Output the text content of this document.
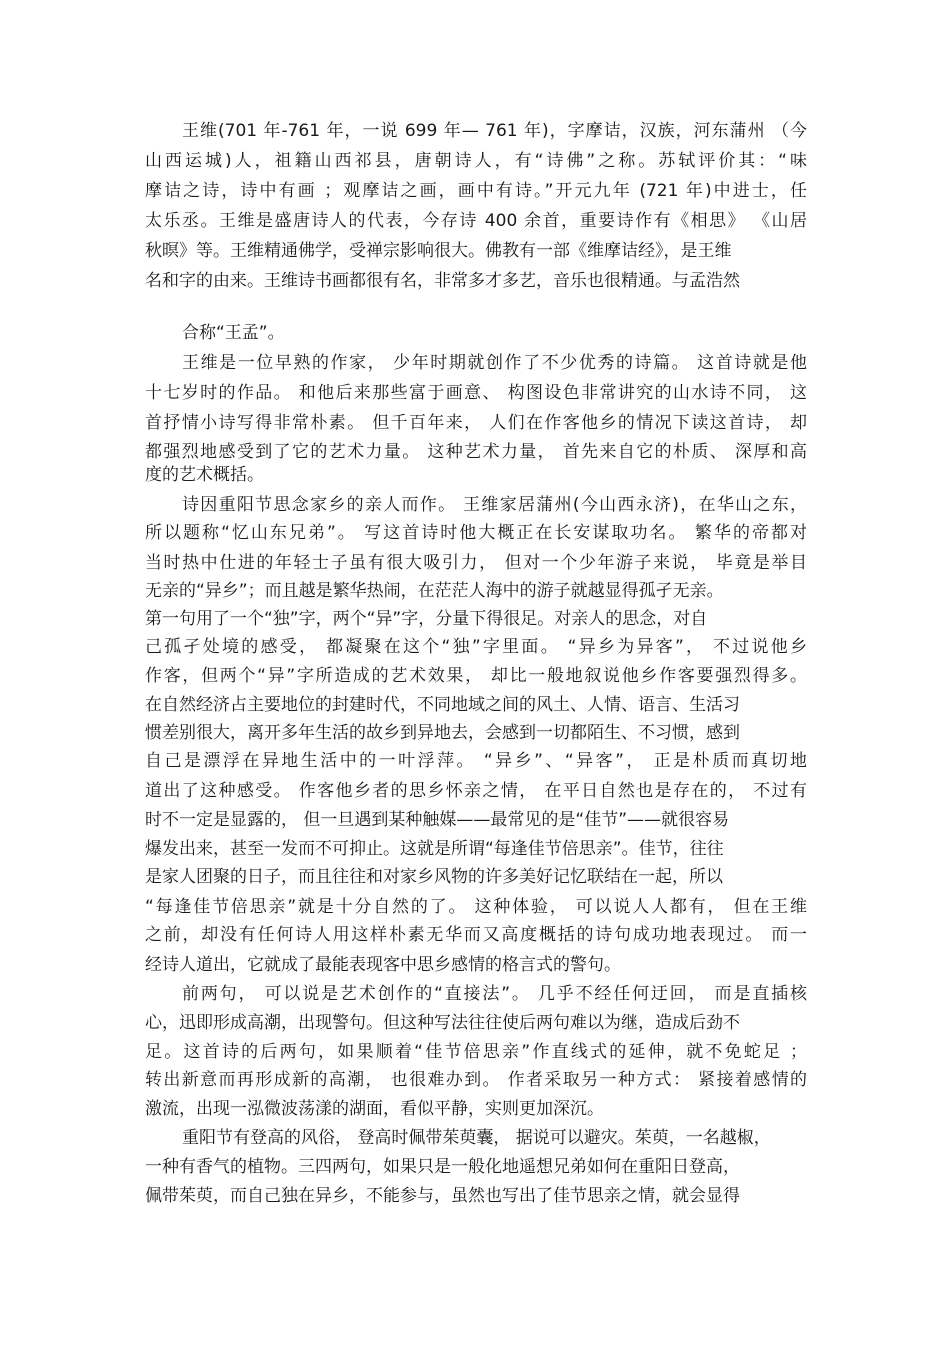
王维(701 年-761 年，一说 699 年— 761 年)，字摩诘，汉族，河东蒲州 （今
山西运城)人，祖籍山西祁县，唐朝诗人，有“诗佛”之称。苏轼评价其：“味
摩诘之诗，诗中有画 ；观摩诘之画，画中有诗。”开元九年 (721 年)中进士，任
太乐丞。王维是盛唐诗人的代表，今存诗 400 余首，重要诗作有《相思》 《山居
秋暝》等。王维精通佛学，受禅宗影响很大。佛教有一部《维摩诘经》，是王维
名和字的由来。王维诗书画都很有名，非常多才多艺，音乐也很精通。与孟浩然
合称“王孟”。
王维是一位早熟的作家， 少年时期就创作了不少优秀的诗篇。 这首诗就是他
十七岁时的作品。 和他后来那些富于画意、 构图设色非常讲究的山水诗不同， 这
首抒情小诗写得非常朴素。 但千百年来， 人们在作客他乡的情况下读这首诗， 却
都强烈地感受到了它的艺术力量。 这种艺术力量， 首先来自它的朴质、 深厚和高
度的艺术概括。
诗因重阳节思念家乡的亲人而作。 王维家居蒲州(今山西永济)，在华山之东，
所以题称“忆山东兄弟”。 写这首诗时他大概正在长安谋取功名。 繁华的帝都对
当时热中仕进的年轻士子虽有很大吸引力， 但对一个少年游子来说， 毕竟是举目
无亲的“异乡”；而且越是繁华热闹，在茫茫人海中的游子就越显得孤孑无亲。
第一句用了一个“独”字，两个“异”字，分量下得很足。对亲人的思念，对自
己孤孑处境的感受， 都凝聚在这个“独”字里面。 “异乡为异客”， 不过说他乡
作客，但两个“异”字所造成的艺术效果， 却比一般地叙说他乡作客要强烈得多。
在自然经济占主要地位的封建时代，不同地域之间的风土、人情、语言、生活习
惯差别很大，离开多年生活的故乡到异地去，会感到一切都陌生、不习惯，感到
自己是漂浮在异地生活中的一叶浮萍。 “异乡”、“异客”， 正是朴质而真切地
道出了这种感受。 作客他乡者的思乡怀亲之情， 在平日自然也是存在的， 不过有
时不一定是显露的， 但一旦遇到某种触媒——最常见的是“佳节”——就很容易
爆发出来，甚至一发而不可抑止。这就是所谓“每逢佳节倍思亲”。佳节，往往
是家人团聚的日子，而且往往和对家乡风物的许多美好记忆联结在一起，所以
“每逢佳节倍思亲”就是十分自然的了。 这种体验， 可以说人人都有， 但在王维
之前，却没有任何诗人用这样朴素无华而又高度概括的诗句成功地表现过。 而一
经诗人道出，它就成了最能表现客中思乡感情的格言式的警句。
前两句， 可以说是艺术创作的“直接法”。 几乎不经任何迂回， 而是直插核
心，迅即形成高潮，出现警句。但这种写法往往使后两句难以为继，造成后劲不
足。这首诗的后两句，如果顺着“佳节倍思亲”作直线式的延伸，就不免蛇足 ；
转出新意而再形成新的高潮， 也很难办到。 作者采取另一种方式： 紧接着感情的
激流，出现一泓微波荡漾的湖面，看似平静，实则更加深沉。
重阳节有登高的风俗， 登高时佩带茱萸囊， 据说可以避灾。茱萸，一名越椒，
一种有香气的植物。三四两句，如果只是一般化地遥想兄弟如何在重阳日登高，
佩带茱萸，而自己独在异乡，不能参与，虽然也写出了佳节思亲之情，就会显得
